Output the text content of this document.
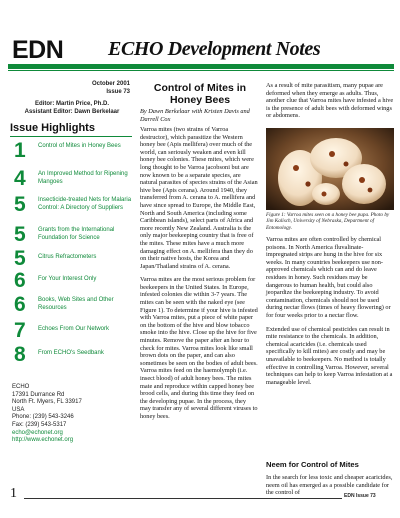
EDN ECHO Development Notes
October 2001
Issue 73
Editor: Martin Price, Ph.D.
Assistant Editor: Dawn Berkelaar
Issue Highlights
1 Control of Mites in Honey Bees
4 An Improved Method for Ripening Mangoes
5 Insecticide-treated Nets for Malaria Control: A Directory of Suppliers
5 Grants from the International Foundation for Science
5 Citrus Refractometers
6 For Your Interest Only
6 Books, Web Sites and Other Resources
7 Echoes From Our Network
8 From ECHO's Seedbank
ECHO
17391 Durrance Rd
North Ft. Myers, FL 33917
USA
Phone: (239) 543-3246
Fax: (239) 543-5317
echo@echonet.org
http://www.echonet.org
Control of Mites in Honey Bees
By Dawn Berkelaar with Kristen Davis and Darrell Cox

Varroa mites (two strains of Varroa destructor), which parasitize the Western honey bee (Apis mellifera) over much of the world, can seriously weaken and even kill honey bee colonies. These mites, which were long thought to be Varroa jacobsoni but are now known to be a separate species, are natural parasites of species strains of the Asian hive bee (Apis cerana). Around 1940, they transferred from A. cerana to A. mellifera and have since spread to Europe, the Middle East, North and South America (including some Caribbean islands), select parts of Africa and more recently New Zealand. Australia is the only major beekeeping country that is free of the mites. These mites have a much more damaging effect on A. mellifera than they do on their native hosts, the Korea and Japan/Thailand strains of A. cerana.

Varroa mites are the most serious problem for beekeepers in the United States. In Europe, infested colonies die within 3-7 years. The mites can be seen with the naked eye (see Figure 1). To determine if your hive is infested with Varroa mites, put a piece of white paper on the bottom of the hive and blow tobacco smoke into the hive. Close up the hive for five minutes. Remove the paper after an hour to check for mites. Varroa mites look like small brown dots on the paper, and can also sometimes be seen on the bodies of adult bees. Varroa mites feed on the haemolymph (i.e. insect blood) of adult honey bees. The mites mate and reproduce within capped honey bee brood cells, and during this time they feed on the developing pupae. In the process, they may transfer any of several different viruses to honey bees.

As a result of mite parasitism, many pupae are deformed when they emerge as adults. Thus, another clue that Varroa mites have infested a hive is the presence of adult bees with deformed wings or abdomens.

Figure 1: Varroa mites seen on a honey bee pupa. Photo by Jim Kalisch, University of Nebraska, Department of Entomology.

Varroa mites are often controlled by chemical poisons. In North America fluvalinate-impregnated strips are hung in the hive for six weeks. In many countries beekeepers use non-approved chemicals which can and do leave residues in honey. Such residues may be dangerous to human health, but could also jeopardize the beekeeping industry. To avoid contamination, chemicals should not be used during nectar flows (times of heavy flowering) or for four weeks prior to a nectar flow.

Extended use of chemical pesticides can result in mite resistance to the chemicals. In addition, chemical acaricides (i.e. chemicals used specifically to kill mites) are costly and may be unavailable to beekeepers. No method is totally effective in controlling Varroa. However, several techniques can help to keep Varroa infestation at a manageable level.

Neem for Control of Mites

In the search for less toxic and cheaper acaricides, neem oil has emerged as a possible candidate for the control of

1	EDN Issue 73
